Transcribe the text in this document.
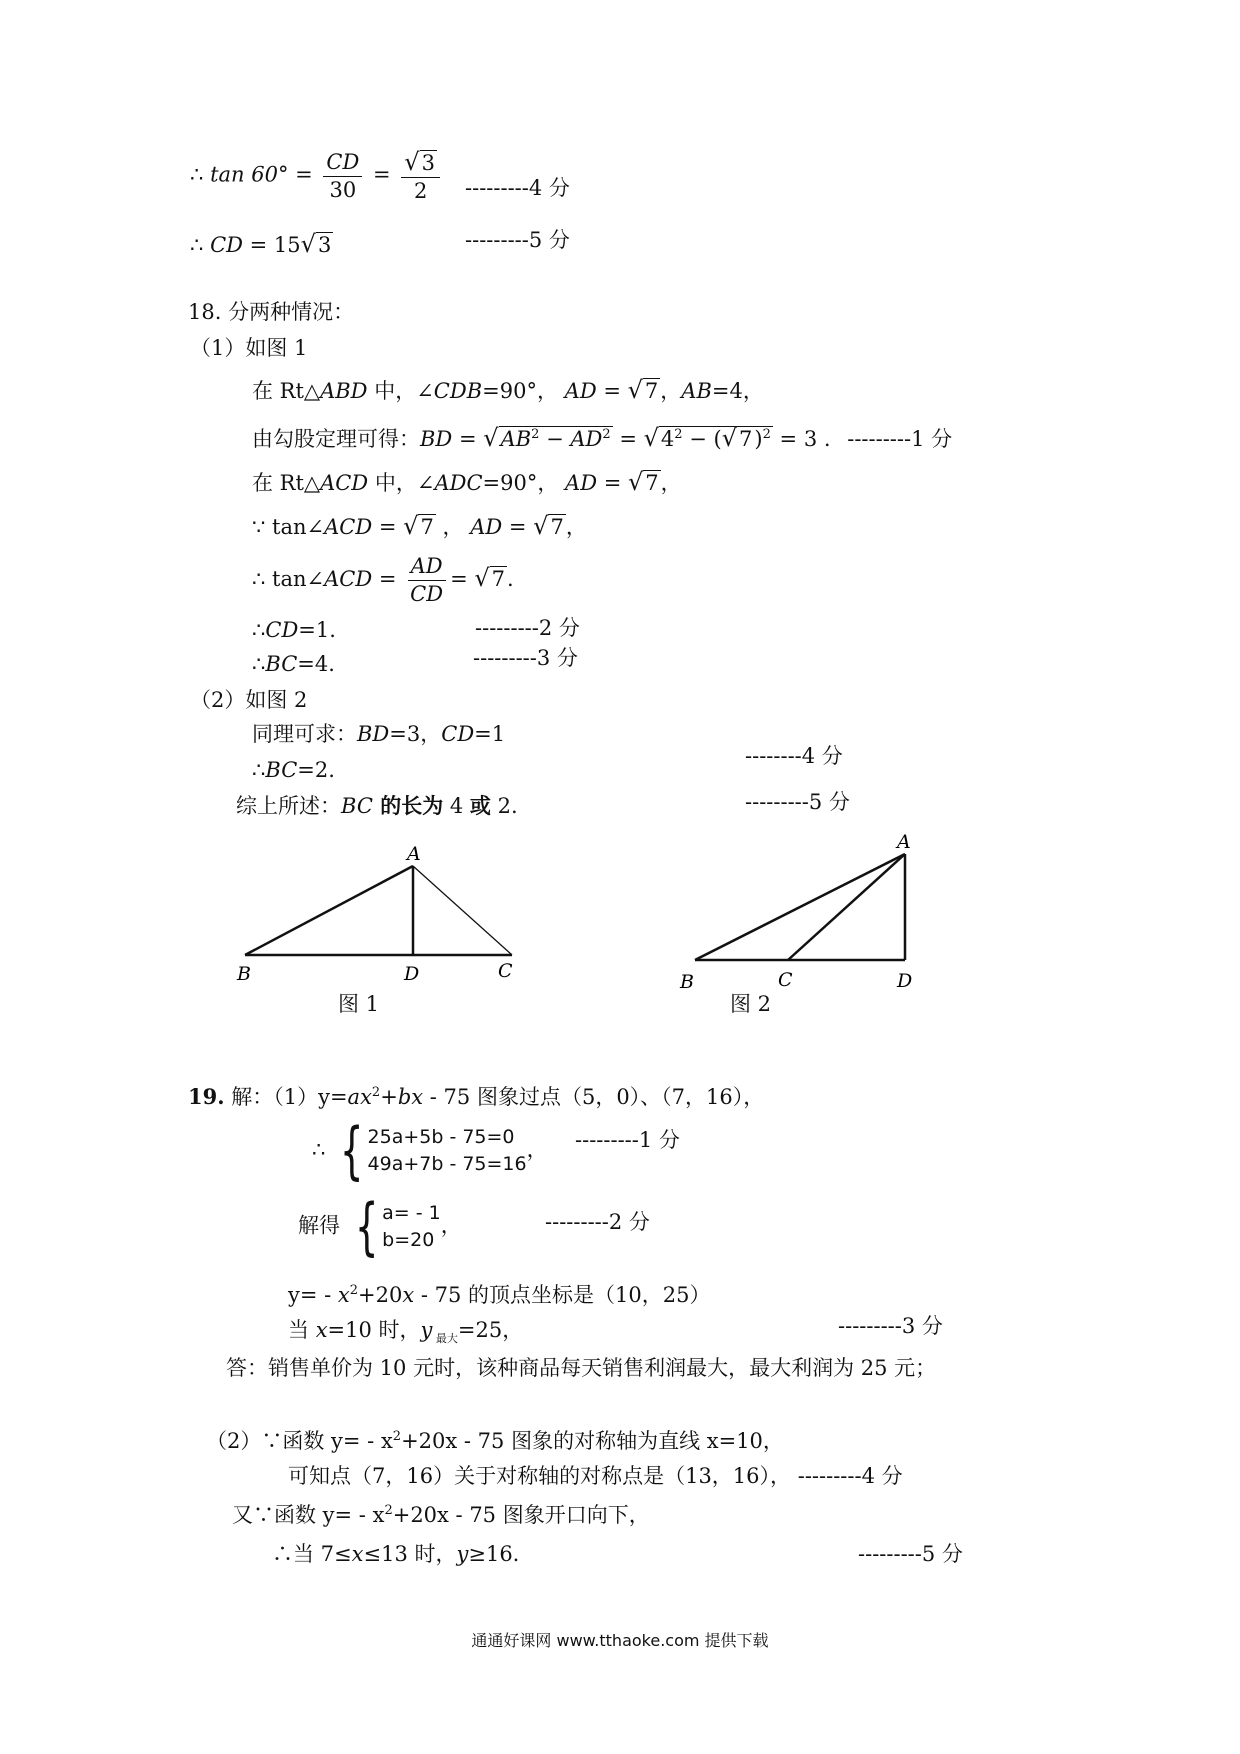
∴ $\tan 60^\circ = \frac{CD}{30} = \frac{√3}{2} ---------4$ 分
∴ CD = 15√3	---------5 分
18. 分两种情况：
（1）如图 1
在 Rt△ABD 中，∠CDB=90°， AD = √7，AB=4，
由勾股定理可得：BD = $√AB^2 - AD^2 = √4^2 - (√7)^2 = 3$ . ---------1 分
在 Rt△ACD 中，∠ADC=90°， AD = √7，
∵ tan∠ACD = √7 ， AD = √7，
∴ tan∠ACD = $\frac{AD}{CD} = √7$.
∴CD=1.	---------2 分
∴BC=4.	---------3 分
（2）如图 2
同理可求：BD=3，CD=1
∴BC=2.
--------4 分
综上所述：BC 的长为 4 或 2.	---------5 分
A
B	D	C
图 1
A
B	C	D
图 2
19. 解：$(1)y=ax^2+bx - 75$ 图象过点（5，0）、（7，16），
∴ { 25a+5b - 75=0
49a+7b - 75=16
， ---------1 分
解得 { a= - 1
b=20
，	---------2 分
$y= - x^2+20x - 75$ 的顶点坐标是（10，25）
当 x=10 时，y $_{最大}$=25，	---------3 分
答：销售单价为 10 元时，该种商品每天销售利润最大，最大利润为 25 元；
（2）∵函数 $y= - x^2+20x - 75$ 图象的对称轴为直线 x=10，
可知点（7，16）关于对称轴的对称点是（13，16）， ---------4 分
又∵函数 $y= - x^2+20x - 75$ 图象开口向下，
∴当 7≤x≤13 时，y≥16.	---------5 分
通通好课网 www.tthaoke.com 提供下载
